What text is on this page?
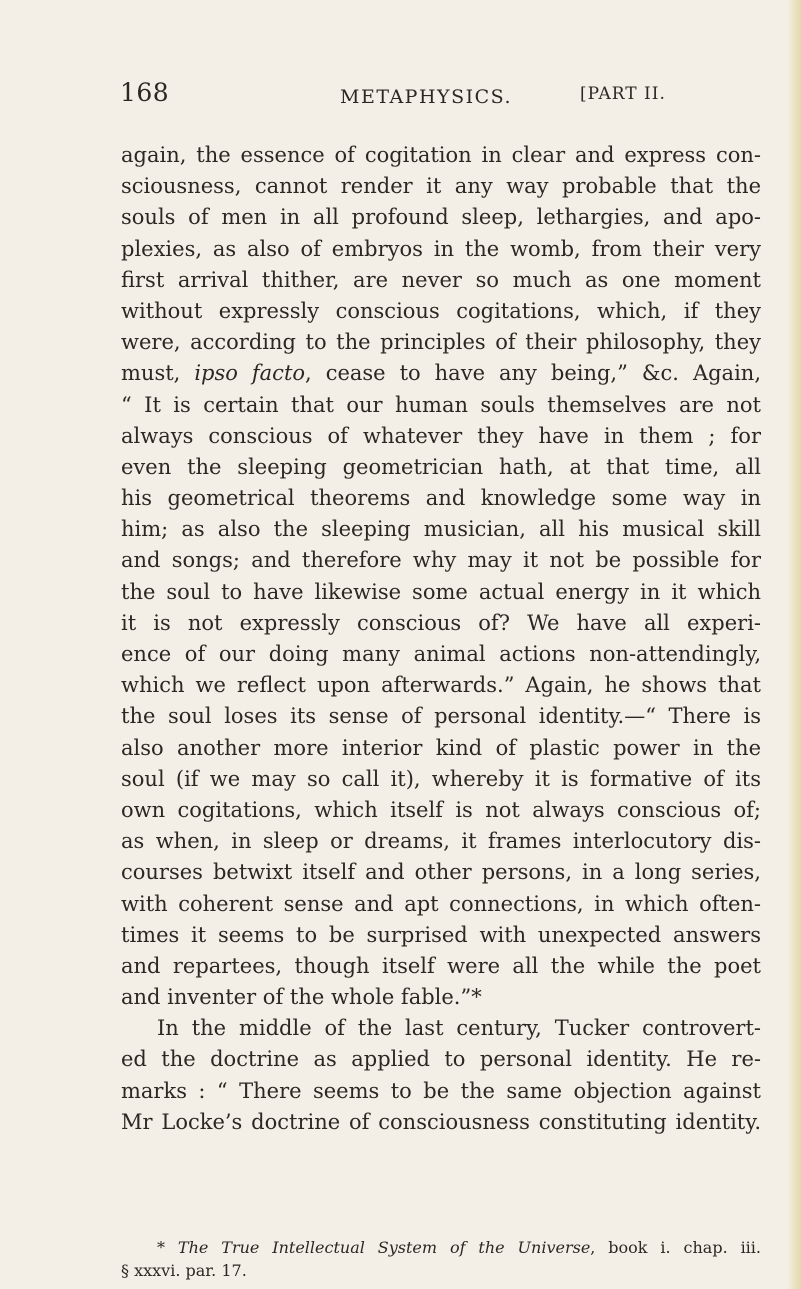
168	METAPHYSICS.	[PART II.
again, the essence of cogitation in clear and express con-
sciousness, cannot render it any way probable that the
souls of men in all profound sleep, lethargies, and apo-
plexies, as also of embryos in the womb, from their very
first arrival thither, are never so much as one moment
without expressly conscious cogitations, which, if they
were, according to the principles of their philosophy, they
must, ipso facto, cease to have any being,” &c. Again,
“ It is certain that our human souls themselves are not
always conscious of whatever they have in them ; for
even the sleeping geometrician hath, at that time, all
his geometrical theorems and knowledge some way in
him; as also the sleeping musician, all his musical skill
and songs; and therefore why may it not be possible for
the soul to have likewise some actual energy in it which
it is not expressly conscious of? We have all experi-
ence of our doing many animal actions non-attendingly,
which we reflect upon afterwards.” Again, he shows that
the soul loses its sense of personal identity.—“ There is
also another more interior kind of plastic power in the
soul (if we may so call it), whereby it is formative of its
own cogitations, which itself is not always conscious of;
as when, in sleep or dreams, it frames interlocutory dis-
courses betwixt itself and other persons, in a long series,
with coherent sense and apt connections, in which often-
times it seems to be surprised with unexpected answers
and repartees, though itself were all the while the poet
and inventer of the whole fable.”*
In the middle of the last century, Tucker controvert-
ed the doctrine as applied to personal identity. He re-
marks : “ There seems to be the same objection against
Mr Locke’s doctrine of consciousness constituting identity.
* The True Intellectual System of the Universe, book i. chap. iii.
§ xxxvi. par. 17.
